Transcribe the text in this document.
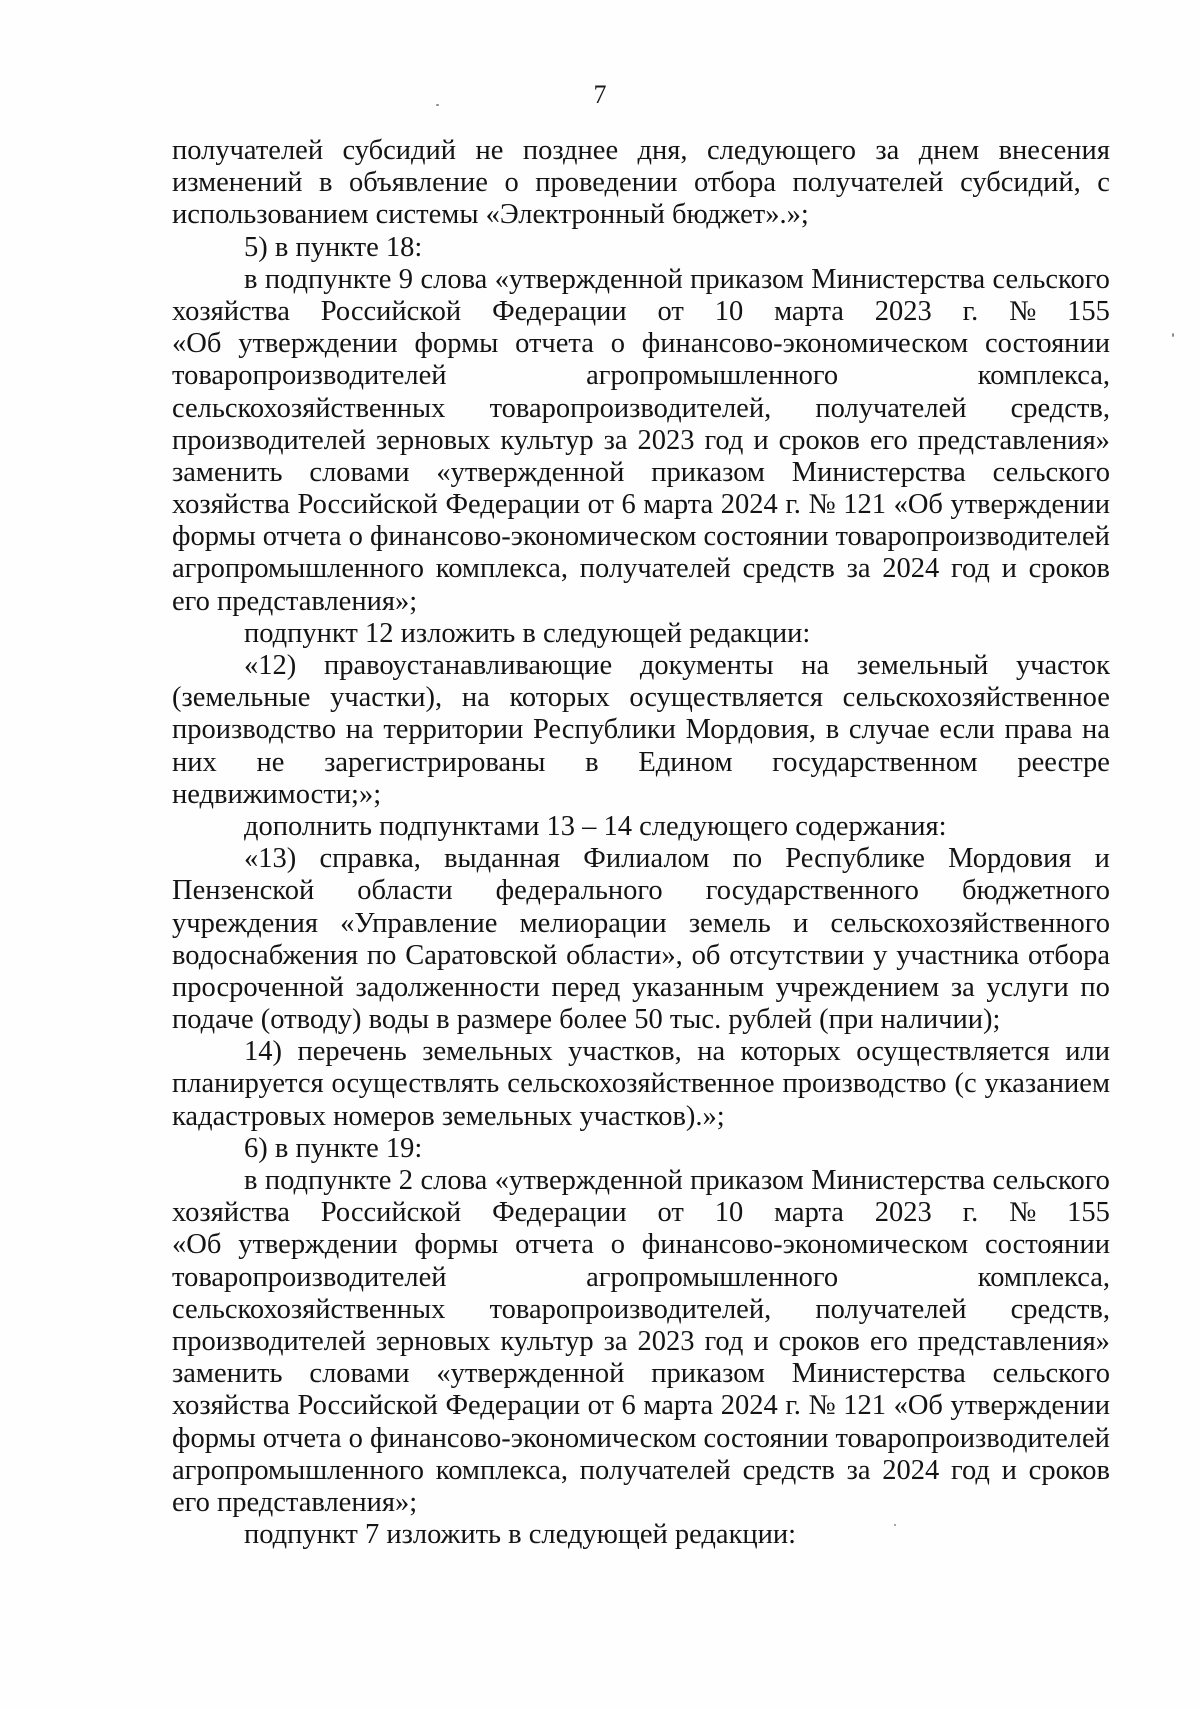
7
получателей субсидий не позднее дня, следующего за днем внесения
изменений в объявление о проведении отбора получателей субсидий, с
использованием системы «Электронный бюджет».»;
5) в пункте 18:
в подпункте 9 слова «утвержденной приказом Министерства сельского
хозяйства Российской Федерации от 10 марта 2023 г. № 155
«Об утверждении формы отчета о финансово-экономическом состоянии
товаропроизводителей	агропромышленного	комплекса,
сельскохозяйственных товаропроизводителей, получателей средств,
производителей зерновых культур за 2023 год и сроков его представления»
заменить словами «утвержденной приказом Министерства сельского
хозяйства Российской Федерации от 6 марта 2024 г. № 121 «Об утверждении
формы отчета о финансово-экономическом состоянии товаропроизводителей
агропромышленного комплекса, получателей средств за 2024 год и сроков
его представления»;
подпункт 12 изложить в следующей редакции:
«12) правоустанавливающие документы на земельный участок
(земельные участки), на которых осуществляется сельскохозяйственное
производство на территории Республики Мордовия, в случае если права на
них не зарегистрированы в Едином государственном реестре
недвижимости;»;
дополнить подпунктами 13 – 14 следующего содержания:
«13) справка, выданная Филиалом по Республике Мордовия и
Пензенской области федерального государственного бюджетного
учреждения «Управление мелиорации земель и сельскохозяйственного
водоснабжения по Саратовской области», об отсутствии у участника отбора
просроченной задолженности перед указанным учреждением за услуги по
подаче (отводу) воды в размере более 50 тыс. рублей (при наличии);
14) перечень земельных участков, на которых осуществляется или
планируется осуществлять сельскохозяйственное производство (с указанием
кадастровых номеров земельных участков).»;
6) в пункте 19:
в подпункте 2 слова «утвержденной приказом Министерства сельского
хозяйства Российской Федерации от 10 марта 2023 г. № 155
«Об утверждении формы отчета о финансово-экономическом состоянии
товаропроизводителей	агропромышленного	комплекса,
сельскохозяйственных товаропроизводителей, получателей средств,
производителей зерновых культур за 2023 год и сроков его представления»
заменить словами «утвержденной приказом Министерства сельского
хозяйства Российской Федерации от 6 марта 2024 г. № 121 «Об утверждении
формы отчета о финансово-экономическом состоянии товаропроизводителей
агропромышленного комплекса, получателей средств за 2024 год и сроков
его представления»;
подпункт 7 изложить в следующей редакции:
